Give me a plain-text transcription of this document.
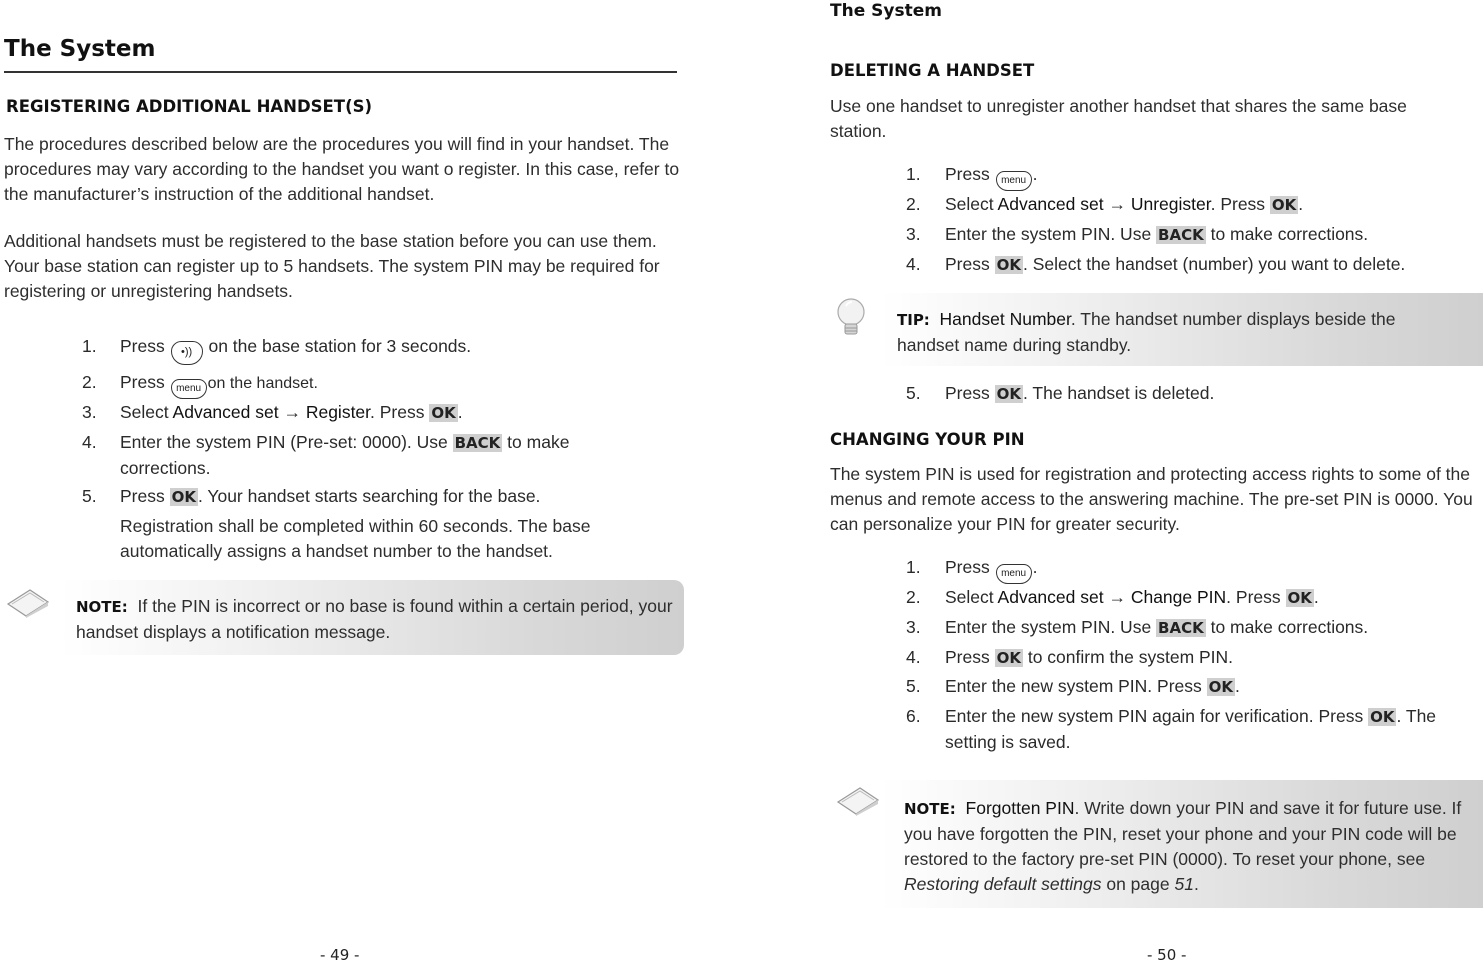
The System
REGISTERING ADDITIONAL HANDSET(S)
The procedures described below are the procedures you will find in your handset. The procedures may vary according to the handset you want o register. In this case, refer to the manufacturer’s instruction of the additional handset.
Additional handsets must be registered to the base station before you can use them. Your base station can register up to 5 handsets. The system PIN may be required for registering or unregistering handsets.
1.	Press •)) on the base station for 3 seconds.
2.	Press menu on the handset.
3.	Select Advanced set → Register. Press OK .
4.	Enter the system PIN (Pre-set: 0000). Use BACK to make
corrections.
5.	Press OK . Your handset starts searching for the base.
Registration shall be completed within 60 seconds. The base automatically assigns a handset number to the handset.
NOTE: If the PIN is incorrect or no base is found within a certain period, your handset displays a notification message.
- 49 -
The System
DELETING A HANDSET
Use one handset to unregister another handset that shares the same base station.
1.	Press menu .
2.	Select Advanced set → Unregister. Press OK .
3.	Enter the system PIN. Use BACK to make corrections.
4.	Press OK . Select the handset (number) you want to delete.
TIP: Handset Number. The handset number displays beside the handset name during standby.
5.	Press OK . The handset is deleted.
CHANGING YOUR PIN
The system PIN is used for registration and protecting access rights to some of the menus and remote access to the answering machine. The pre-set PIN is 0000. You can personalize your PIN for greater security.
1.	Press menu .
2.	Select Advanced set → Change PIN. Press OK .
3.	Enter the system PIN. Use BACK to make corrections.
4.	Press OK to confirm the system PIN.
5.	Enter the new system PIN. Press OK .
6.	Enter the new system PIN again for verification. Press OK . The
setting is saved.
NOTE: Forgotten PIN. Write down your PIN and save it for future use. If you have forgotten the PIN, reset your phone and your PIN code will be restored to the factory pre-set PIN (0000). To reset your phone, see Restoring default settings on page 51.
- 50 -
